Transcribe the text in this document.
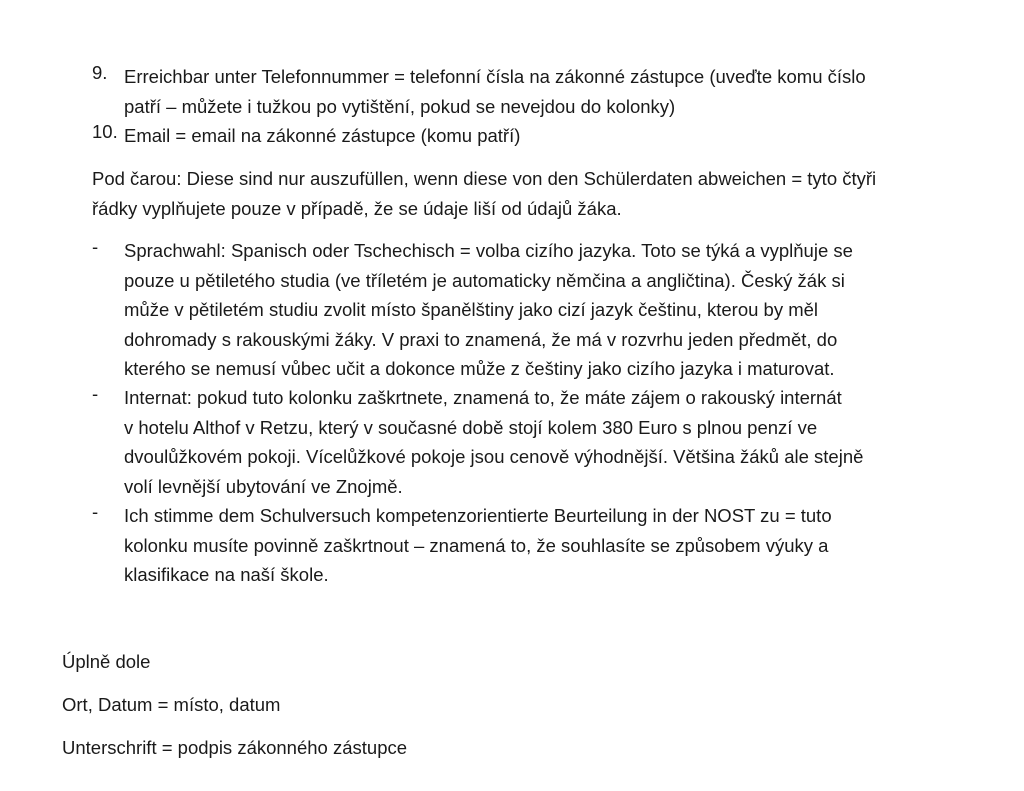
9. Erreichbar unter Telefonnummer = telefonní čísla na zákonné zástupce (uveďte komu číslo

patří – můžete i tužkou po vytištění, pokud se nevejdou do kolonky)

10. Email = email na zákonné zástupce (komu patří)

Pod čarou: Diese sind nur auszufüllen, wenn diese von den Schülerdaten abweichen = tyto čtyři

řádky vyplňujete pouze v případě, že se údaje liší od údajů žáka.

-	Sprachwahl: Spanisch oder Tschechisch = volba cizího jazyka. Toto se týká a vyplňuje se

pouze u pětiletého studia (ve tříletém je automaticky němčina a angličtina). Český žák si

může v pětiletém studiu zvolit místo španělštiny jako cizí jazyk češtinu, kterou by měl

dohromady s rakouskými žáky. V praxi to znamená, že má v rozvrhu jeden předmět, do

kterého se nemusí vůbec učit a dokonce může z češtiny jako cizího jazyka i maturovat.

-	Internat: pokud tuto kolonku zaškrtnete, znamená to, že máte zájem o rakouský internát

v hotelu Althof v Retzu, který v současné době stojí kolem 380 Euro s plnou penzí ve

dvoulůžkovém pokoji. Vícelůžkové pokoje jsou cenově výhodnější. Většina žáků ale stejně

volí levnější ubytování ve Znojmě.

-	Ich stimme dem Schulversuch kompetenzorientierte Beurteilung in der NOST zu = tuto

kolonku musíte povinně zaškrtnout – znamená to, že souhlasíte se způsobem výuky a

klasifikace na naší škole.

Úplně dole

Ort, Datum = místo, datum

Unterschrift = podpis zákonného zástupce
